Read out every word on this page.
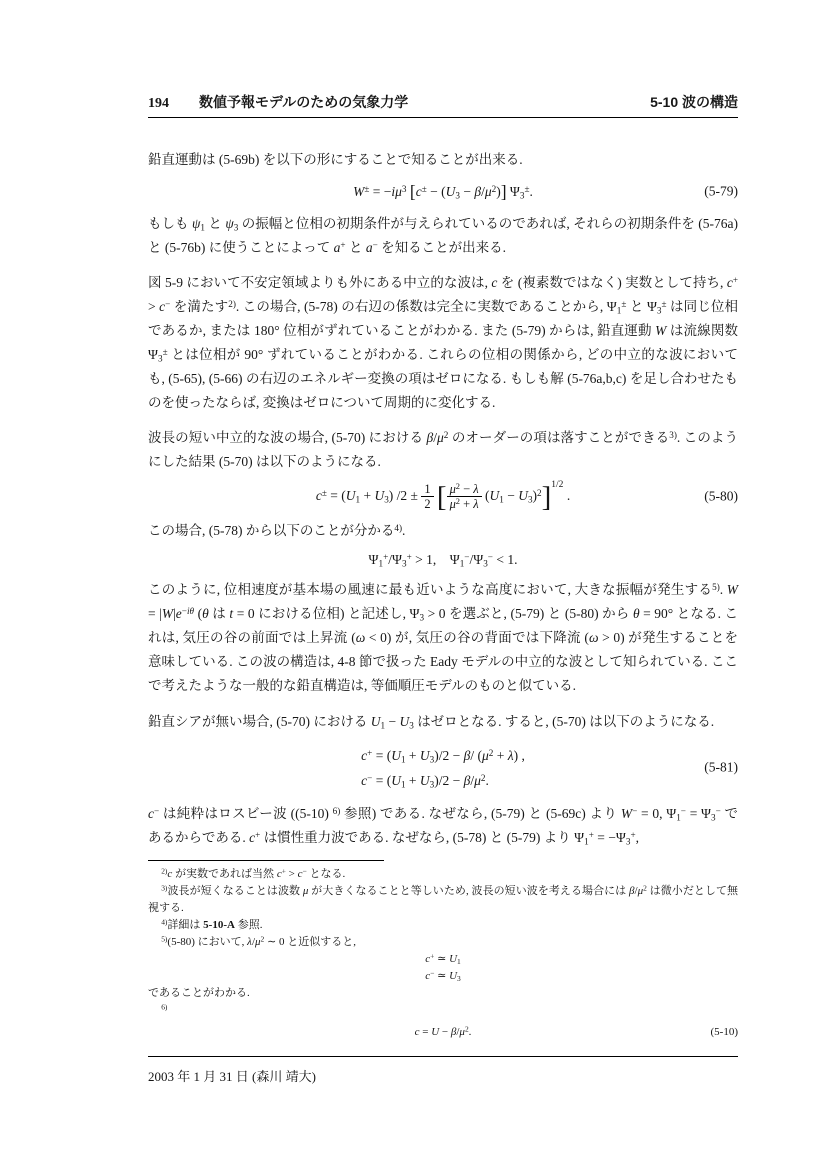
194 数値予報モデルのための気象力学	5-10 波の構造

鉛直運動は (5-69b) を以下の形にすることで知ることが出来る.

$W^\pm = -i\mu^3$ $[c^\pm - (U_3 - \beta/\mu^2)]$ $\Psi_3^\pm$.	(5-79)

もしも $\psi_1$ と $\psi_3$ の振幅と位相の初期条件が与えられているのであれば, それらの初期条件を (5-76a) と (5-76b) に使うことによって a+ と a− を知ることが出来る.

図 5-9 において不安定領域よりも外にある中立的な波は, c を (複素数ではなく) 実数として持ち, c+ > c− を満たす$^{2)}$. この場合, (5-78) の右辺の係数は完全に実数であることから, $\Psi_1^\pm$ と $\Psi_3^\pm$ は同じ位相であるか, または 180° 位相がずれていることがわかる. また (5-79) からは, 鉛直運動 W は流線関数 $\Psi_3^\pm$ とは位相が 90° ずれていることがわかる. これらの位相の関係から, どの中立的な波においても, (5-65), (5-66) の右辺のエネルギー変換の項はゼロになる. もしも解 (5-76a,b,c) を足し合わせたものを使ったならば, 変換はゼロについて周期的に変化する.

波長の短い中立的な波の場合, (5-70) における $\beta/\mu^2$ のオーダーの項は落すことができる$^{3)}$. このようにした結果 (5-70) は以下のようになる.

$c^\pm = (U_1 + U_3) /2 \pm \frac{1}{2}$ [ $\frac{\mu^2 - \lambda}{\mu^2 + \lambda} (U_1 - U_3)^2]^{1/2}$ .	(5-80)

この場合, (5-78) から以下のことが分かる$^{4)}$.

$\Psi_1^+/\Psi_3^+ > 1$,  $\Psi_1^-/\Psi_3^- < 1$.

このように, 位相速度が基本場の風速に最も近いような高度において, 大きな振幅が発生する$^{5)}$. $W = |W|e^{-i\theta}$ (θ は t = 0 における位相) と記述し, $\Psi_3 > 0$ を選ぶと, (5-79) と (5-80) から θ = 90° となる. これは, 気圧の谷の前面では上昇流 (ω < 0) が, 気圧の谷の背面では下降流 (ω > 0) が発生することを意味している. この波の構造は, 4-8 節で扱った Eady モデルの中立的な波として知られている. ここで考えたような一般的な鉛直構造は, 等価順圧モデルのものと似ている.

鉛直シアが無い場合, (5-70) における $U_1 - U_3$ はゼロとなる. すると, (5-70) は以下のようになる.

$c^+ = (U_1 + U_3)/2 - \beta/$ $(\mu^2 + \lambda)$ ,
$c^- = (U_1 + U_3)/2 - \beta/\mu^2$.
(5-81)

c− は純粋はロスビー波 ((5-10) $^{6)}$ 参照) である. なぜなら, (5-79) と (5-69c) より W− = 0, $\Psi_1^- = \Psi_3^-$ であるからである. c+ は慣性重力波である. なぜなら, (5-78) と (5-79) より $\Psi_1^+ = -\Psi_3^+$,

$^{2)}$c が実数であれば当然 c+ > c− となる.

$^{3)}$波長が短くなることは波数 μ が大きくなることと等しいため, 波長の短い波を考える場合には $\beta/\mu^2$ は微小だとして無視する.

$^{4)}$詳細は 5-10-A 参照.

$^{5)}$(5-80) において, $\lambda/\mu^2$ ∼ 0 と近似すると,

c+ ≃ $U_1$
c− ≃ $U_3$

であることがわかる.

$^{6)}$

$c = U - \beta/\mu^2$.	(5-10)
2003 年 1 月 31 日 (森川 靖大)
